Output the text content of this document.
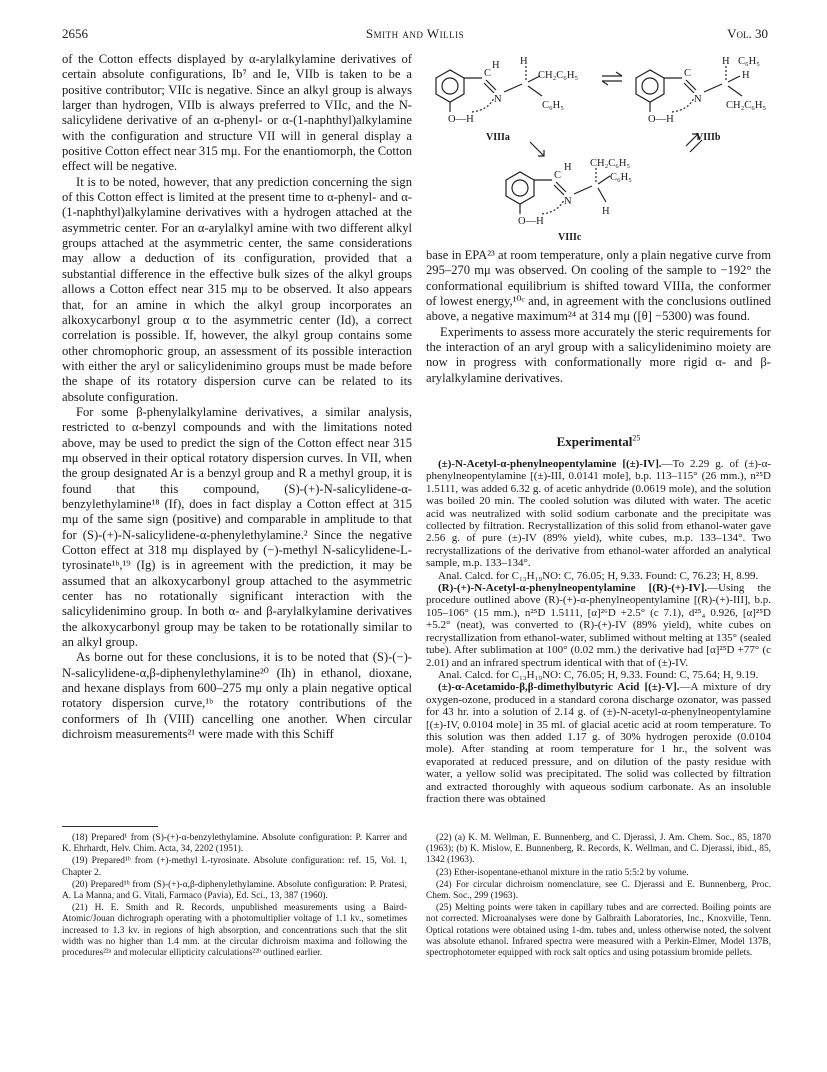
2656	Smith and Willis	Vol. 30

of the Cotton effects displayed by α-arylalkylamine derivatives of certain absolute configurations, Ib⁷ and Ie, VIIb is taken to be a positive contributor; VIIc is negative. Since an alkyl group is always larger than hydrogen, VIIb is always preferred to VIIc, and the N-salicylidene derivative of an α-phenyl- or α-(1-naphthyl)alkylamine with the configuration and structure VII will in general display a positive Cotton effect near 315 mμ. For the enantiomorph, the Cotton effect will be negative.

It is to be noted, however, that any prediction concerning the sign of this Cotton effect is limited at the present time to α-phenyl- and α-(1-naphthyl)alkylamine derivatives with a hydrogen attached at the asymmetric center. For an α-arylalkyl amine with two different alkyl groups attached at the asymmetric center, the same considerations may allow a deduction of its configuration, provided that a substantial difference in the effective bulk sizes of the alkyl groups allows a Cotton effect near 315 mμ to be observed. It also appears that, for an amine in which the alkyl group incorporates an alkoxycarbonyl group α to the asymmetric center (Id), a correct correlation is possible. If, however, the alkyl group contains some other chromophoric group, an assessment of its possible interaction with either the aryl or salicylidenimino groups must be made before the shape of its rotatory dispersion curve can be related to its absolute configuration.

For some β-phenylalkylamine derivatives, a similar analysis, restricted to α-benzyl compounds and with the limitations noted above, may be used to predict the sign of the Cotton effect near 315 mμ observed in their optical rotatory dispersion curves. In VII, when the group designated Ar is a benzyl group and R a methyl group, it is found that this compound, (S)-(+)-N-salicylidene-α-benzylethylamine¹⁸ (If), does in fact display a Cotton effect at 315 mμ of the same sign (positive) and comparable in amplitude to that for (S)-(+)-N-salicylidene-α-phenylethylamine.² Since the negative Cotton effect at 318 mμ displayed by (−)-methyl N-salicylidene-L-tyrosinate¹ᵇ,¹⁹ (Ig) is in agreement with the prediction, it may be assumed that an alkoxycarbonyl group attached to the asymmetric center has no rotationally significant interaction with the salicylidenimino group. In both α- and β-arylalkylamine derivatives the alkoxycarbonyl group may be taken to be rotationally similar to an alkyl group.

As borne out for these conclusions, it is to be noted that (S)-(−)-N-salicylidene-α,β-diphenylethylamine²⁰ (Ih) in ethanol, dioxane, and hexane displays from 600–275 mμ only a plain negative optical rotatory dispersion curve,¹ᵇ the rotatory contributions of the conformers of Ih (VIII) cancelling one another. When circular dichroism measurements²¹ were made with this Schiff

C
H
N
H
CH₂C₆H₅
C₆H₅
O—H
VIIIa
C
N
H C₆H₅
H
CH₂C₆H₅
O—H
VIIIb
C
H
N
CH₂C₆H₅
C₆H₅
H
O—H
VIIIc

base in EPA²³ at room temperature, only a plain negative curve from 295–270 mμ was observed. On cooling of the sample to −192° the conformational equilibrium is shifted toward VIIIa, the conformer of lowest energy,¹⁰ᶜ and, in agreement with the conclusions outlined above, a negative maximum²⁴ at 314 mμ ([θ] −5300) was found.

Experiments to assess more accurately the steric requirements for the interaction of an aryl group with a salicylidenimino moiety are now in progress with conformationally more rigid α- and β-arylalkylamine derivatives.

Experimental$^{25}$

(±)-N-Acetyl-α-phenylneopentylamine [(±)-IV].—To 2.29 g. of (±)-α-phenylneopentylamine [(±)-III, 0.0141 mole], b.p. 113–115° (26 mm.), n²⁵D 1.5111, was added 6.32 g. of acetic anhydride (0.0619 mole), and the solution was boiled 20 min. The cooled solution was diluted with water. The acetic acid was neutralized with solid sodium carbonate and the precipitate was collected by filtration. Recrystallization of this solid from ethanol-water gave 2.56 g. of pure (±)-IV (89% yield), white cubes, m.p. 133–134°. Two recrystallizations of the derivative from ethanol-water afforded an analytical sample, m.p. 133–134°.

Anal. Calcd. for C₁₃H₁₉NO: C, 76.05; H, 9.33. Found: C, 76.23; H, 8.99.

(R)-(+)-N-Acetyl-α-phenylneopentylamine [(R)-(+)-IV].—Using the procedure outlined above (R)-(+)-α-phenylneopentylamine [(R)-(+)-III], b.p. 105–106° (15 mm.), n²⁵D 1.5111, [α]²⁶D +2.5° (c 7.1), d²⁵₄ 0.926, [α]²⁵D +5.2° (neat), was converted to (R)-(+)-IV (89% yield), white cubes on recrystallization from ethanol-water, sublimed without melting at 135° (sealed tube). After sublimation at 100° (0.02 mm.) the derivative had [α]²⁵D +77° (c 2.01) and an infrared spectrum identical with that of (±)-IV.

Anal. Calcd. for C₁₃H₁₉NO: C, 76.05; H, 9.33. Found: C, 75.64; H, 9.19.

(±)-α-Acetamido-β,β-dimethylbutyric Acid [(±)-V].—A mixture of dry oxygen-ozone, produced in a standard corona discharge ozonator, was passed for 43 hr. into a solution of 2.14 g. of (±)-N-acetyl-α-phenylneopentylamine [(±)-IV, 0.0104 mole] in 35 ml. of glacial acetic acid at room temperature. To this solution was then added 1.17 g. of 30% hydrogen peroxide (0.0104 mole). After standing at room temperature for 1 hr., the solvent was evaporated at reduced pressure, and on dilution of the pasty residue with water, a yellow solid was precipitated. The solid was collected by filtration and extracted thoroughly with aqueous sodium carbonate. As an insoluble fraction there was obtained

(18) Prepared¹ from (S)-(+)-α-benzylethylamine. Absolute configuration: P. Karrer and K. Ehrhardt, Helv. Chim. Acta, 34, 2202 (1951).

(19) Prepared¹ᵇ from (+)-methyl L-tyrosinate. Absolute configuration: ref. 15, Vol. 1, Chapter 2.

(20) Prepared¹ᵇ from (S)-(+)-α,β-diphenylethylamine. Absolute configuration: P. Pratesi, A. La Manna, and G. Vitali, Farmaco (Pavia), Ed. Sci., 13, 387 (1960).

(21) H. E. Smith and R. Records, unpublished measurements using a Baird-Atomic/Jouan dichrograph operating with a photomultiplier voltage of 1.1 kv., sometimes increased to 1.3 kv. in regions of high absorption, and concentrations such that the slit width was no higher than 1.4 mm. at the circular dichroism maxima and following the procedures²²ᵃ and molecular ellipticity calculations²²ᵇ outlined earlier.

(22) (a) K. M. Wellman, E. Bunnenberg, and C. Djerassi, J. Am. Chem. Soc., 85, 1870 (1963); (b) K. Mislow, E. Bunnenberg, R. Records, K. Wellman, and C. Djerassi, ibid., 85, 1342 (1963).

(23) Ether-isopentane-ethanol mixture in the ratio 5:5:2 by volume.

(24) For circular dichroism nomenclature, see C. Djerassi and E. Bunnenberg, Proc. Chem. Soc., 299 (1963).

(25) Melting points were taken in capillary tubes and are corrected. Boiling points are not corrected. Microanalyses were done by Galbraith Laboratories, Inc., Knoxville, Tenn. Optical rotations were obtained using 1-dm. tubes and, unless otherwise noted, the solvent was absolute ethanol. Infrared spectra were measured with a Perkin-Elmer, Model 137B, spectrophotometer equipped with rock salt optics and using potassium bromide pellets.
